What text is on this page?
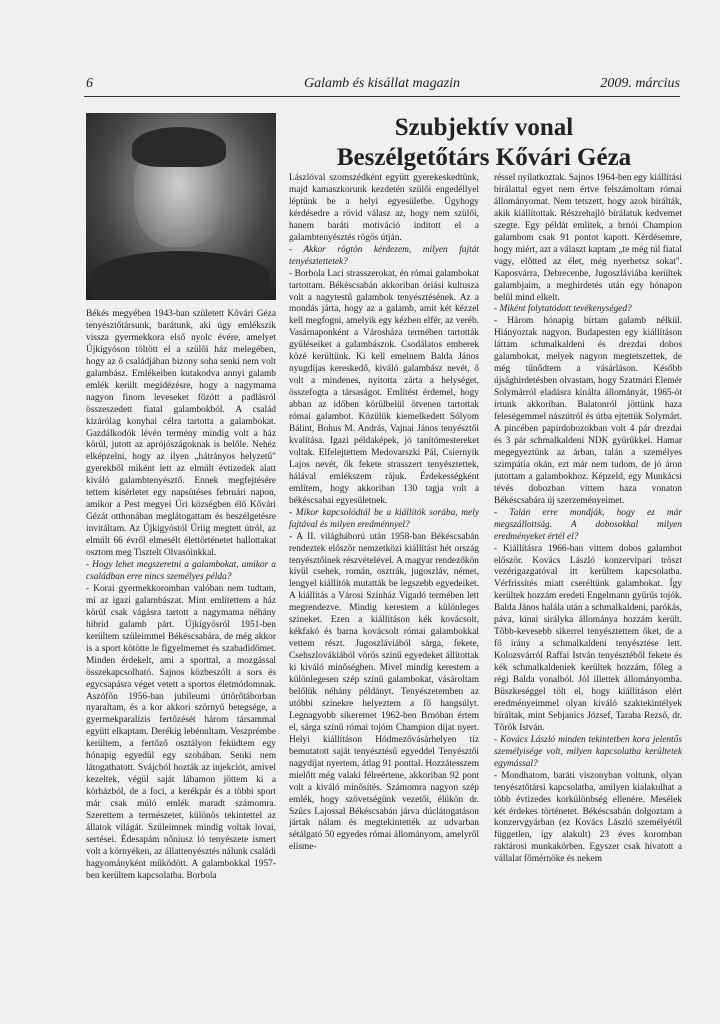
6	Galamb és kisállat magazin	2009. március
Szubjektív vonal
Beszélgetőtárs Kővári Géza

Békés megyében 1943-ban született Kővári Géza tenyésztőtársunk, barátunk, aki úgy emlékszik vissza gyermekkora első nyolc évére, amelyet Újkígyóson töltött el a szülői ház melegében, hogy az ő családjában bizony soha senki nem volt galambász. Emlékeiben kutakodva annyi galamb emlék került megidézésre, hogy a nagymama nagyon finom leveseket főzött a padlásról összeszedett fiatal galambokból. A család kizárólag konyhai célra tartotta a galambokat. Gazdálkodók lévén termény mindig volt a ház körül, jutott az aprójószágoknak is belőle. Nehéz elképzelni, hogy az ilyen „hátrányos helyzetű" gyerekből miként lett az elmúlt évtizedek alatt kiváló galambtenyésztő. Ennek megfejtésére tettem kísérletet egy napsütéses februári napon, amikor a Pest megyei Úri községben élő Kővári Gézát otthonában meglátogattam és beszélgetésre invitáltam. Az Újkígyóstól Úriig megtett útról, az elmúlt 66 évről elmesélt élettörténetet hallottakat osztom meg Tisztelt Olvasóinkkal.

- Hogy lehet megszeretni a galambokat, amikor a családban erre nincs személyes példa?

- Korai gyermekkoromban valóban nem tudtam, mi az igazi galambászat. Mint említettem a ház körül csak vágásra tartott a nagymama néhány hibrid galamb párt. Újkígyósról 1951-ben kerültem szüleimmel Békéscsabára, de még akkor is a sport kötötte le figyelmemet és szabadidőmet. Minden érdekelt, ami a sporttal, a mozgással összekapcsolható. Sajnos közbeszólt a sors és egycsapásra véget vetett a sportos életmódomnak. Aszófőn 1956-ban jubileumi úttörőtáborban nyaraltam, és a kor akkori szörnyű betegsége, a gyermekparalízis fertőzését három társammal együtt elkaptam. Derékig lebénultam. Veszprémbe kerültem, a fertőző osztályon feküdtem egy hónapig egyedül egy szobában. Senki nem látogathatott. Svájcból hozták az injekciót, amivel kezeltek, végül saját lábamon jöttem ki a kórházból, de a foci, a kerékpár és a többi sport már csak múló emlék maradt számomra. Szerettem a természetet, különös tekintettel az állatok világát. Szüleimnek mindig voltak lovai, sertései. Édesapám nőniusz ló tenyészete ismert volt a környéken, az állattenyésztés nálunk családi hagyományként működött. A galambokkal 1957-ben kerültem kapcsolatba. Borbola

Lászlóval szomszédként együtt gyerekeskedtünk, majd kamaszkorunk kezdetén szülői engedéllyel léptünk be a helyi egyesületbe. Úgyhogy kérdésedre a rövid válasz az, hogy nem szülői, hanem baráti motiváció indított el a galambtenyésztés rögös útján.

- Akkor rögtön kérdezem, milyen fajtát tenyésztettetek?

- Borbola Laci strasszerokat, én római galambokat tartottam. Békéscsabán akkoriban óriási kultusza volt a nagytestű galambok tenyésztésének. Az a mondás járta, hogy az a galamb, amit két kézzel kell megfogni, amelyik egy kézben elfér, az veréb. Vasárnaponként a Városháza termében tartották gyűléseiket a galambászok. Csodálatos emberek közé kerültünk. Ki kell emelnem Balda János nyugdíjas kereskedő, kiváló galambász nevét, ő volt a mindenes, nyitotta zárta a helységet, összefogta a társaságot. Említést érdemel, hogy abban az időben körülbelül ötvenen tartottak római galambot. Közülük kiemelkedett Sólyom Bálint, Bohus M. András, Vajnai János tenyésztői kvalitása. Igazi példaképek, jó tanítómestereket voltak. Elfelejtettem Medovarszki Pál, Csiernyik Lajos nevét, ők fekete strasszert tenyésztettek, hálával emlékszem rájuk. Érdekességként említem, hogy akkoriban 130 tagja volt a békéscsabai egyesületnek.

- Mikor kapcsolódtál be a kiállítók sorába, mely fajtával és milyen eredménnyel?

- A II. világháború után 1958-ban Békéscsabán rendeztek először nemzetközi kiállítást hét ország tenyésztőinek részvételével. A magyar rendezőkön kívül csehek, román, osztrák, jugoszláv, német, lengyel kiállítók mutatták be legszebb egyedeiket. A kiállítás a Városi Színház Vigadó termében lett megrendezve. Mindig kerestem a különleges színeket. Ezen a kiállításon kék kovácsolt, kékfakó és barna kovácsolt római galambokkal vettem részt. Jugoszláviából sárga, fekete, Csehszlovákiából vörös színű egyedeket állítottak ki kiváló minőségben. Mivel mindig kerestem a különlegesen szép színű galambokat, vásároltam belőlük néhány példányt. Tenyészetemben az utóbbi színekre helyeztem a fő hangsúlyt. Legnagyobb sikeremet 1962-ben Brnóban értem el, sárga színű római tojóm Champion díjat nyert. Helyi kiállításon Hódmezővásárhelyen tíz bemutatott saját tenyésztésű egyeddel Tenyésztői nagydíjat nyertem, átlag 91 ponttal. Hozzátesszem mielőtt még valaki félreértene, akkoriban 92 pont volt a kiváló minősítés. Számomra nagyon szép emlék, hogy szövetségünk vezetői, élükön dr. Szűcs Lajossal Békéscsabán járva dúclátogatáson jártak nálam és megtekintették az udvarban sétálgató 50 egyedes római állományom, amelyről elisme-

réssel nyilatkoztak. Sajnos 1964-ben egy kiállítási bírálattal egyet nem értve felszámoltam római állományomat. Nem tetszett, hogy azok bírálták, akik kiállítottak. Részrehajló bírálatuk kedvemet szegte. Egy példát említek, a brnói Champion galambom csak 91 pontot kapott. Kérdésemre, hogy miért, azt a választ kaptam „te még túl fiatal vagy, előtted az élet, még nyerhetsz sokat". Kaposvárra, Debrecenbe, Jugoszláviába kerültek galambjaim, a meghirdetés után egy hónapon belül mind elkelt.

- Miként folytatódott tevékenységed?

- Három hónapig bírtam galamb nélkül. Hiányoztak nagyon. Budapesten egy kiállításon láttam schmalkaldeni és drezdai dobos galambokat, melyek nagyon megtetszettek, de még tűnődtem a vásárláson. Később újsághirdetésben olvastam, hogy Szatmári Elemér Solymárról eladásra kínálta állományát, 1965-öt írtunk akkoriban. Balatonról jöttünk haza feleségemmel nászútról és útba ejtettük Solymárt. A pincében papírdobozokban volt 4 pár drezdai és 3 pár schmalkaldeni NDK gyűrűkkel. Hamar megegyeztünk az árban, talán a személyes szimpátia okán, ezt már nem tudom, de jó áron jutottam a galambokhoz. Képzeld, egy Munkácsi tévés dobozban vittem haza vonaton Békéscsabára új szerzeményeimet.

- Talán erre mondják, hogy ez már megszállottság. A dobosokkal milyen eredményeket értél el?

- Kiállításra 1966-ban vittem dobos galambot először. Kovács László konzervipari tröszt vezérigazgatóval itt kerültem kapcsolatba. Vérfrissítés miatt cseréltünk galambokat. Így kerültek hozzám eredeti Engelmann gyűrűs tojók. Balda János halála után a schmalkaldeni, parókás, páva, kínai sirályka állománya hozzám került. Több-kevesebb sikerrel tenyésztettem őket, de a fő irány a schmalkaldeni tenyésztése lett. Kolozsvárról Raffai István tenyésztéből fekete és kék schmalkaldeniek kerültek hozzám, főleg a régi Balda vonalból. Jól illettek állományomba. Büszkeséggel tölt el, hogy kiállításon elért eredményeimmel olyan kiváló szaktekintélyek bíráltak, mint Sebjanics József, Taraba Rezső, dr. Török István.

- Kovács László minden tekintetben kora jelentős személyisége volt, milyen kapcsolatba kerültetek egymással?

- Mondhatom, baráti viszonyban voltunk, olyan tenyésztőtársi kapcsolatba, amilyen kialakulhat a több évtizedes korkülönbség ellenére. Mesélek két érdekes történetet. Békéscsabán dolgoztam a konzervgyárban (ez Kovács László személyétől független, így alakult) 23 éves koromban raktárosi munkakörben. Egyszer csak hívatott a vállalat főmérnöke és nekem
